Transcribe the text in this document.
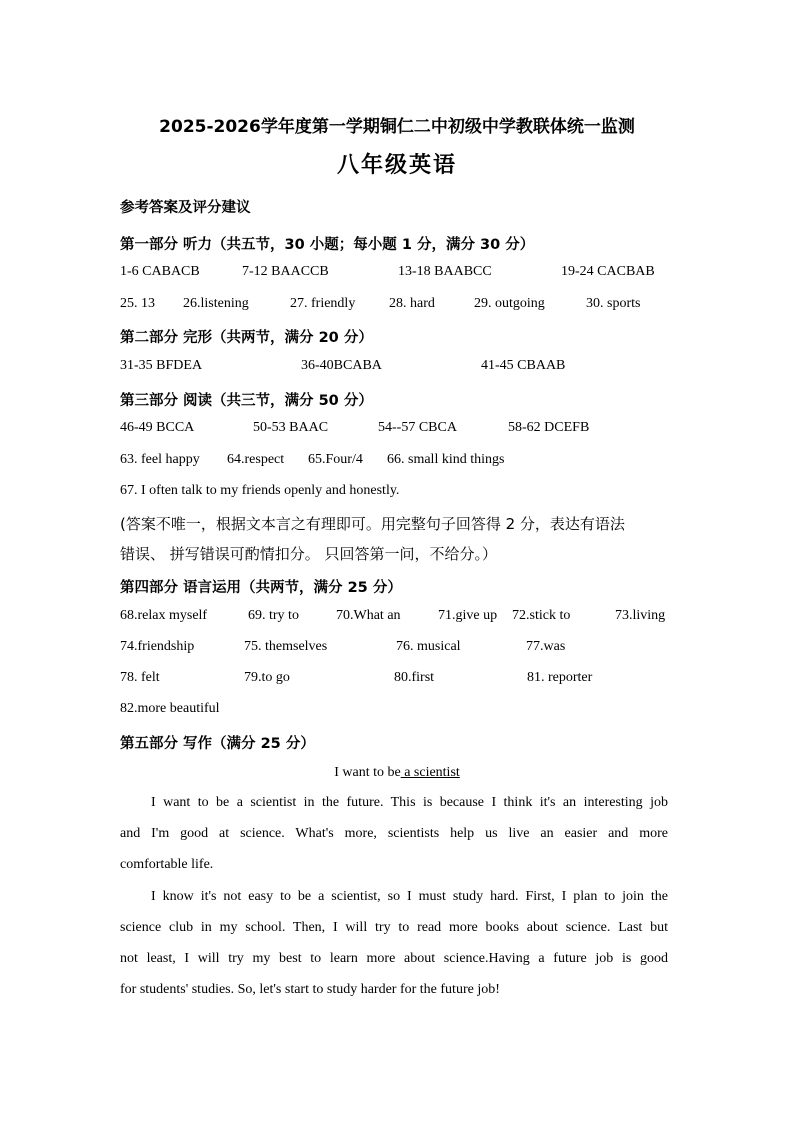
2025-2026学年度第一学期铜仁二中初级中学教联体统一监测
八年级英语
参考答案及评分建议
第一部分 听力（共五节，30 小题；每小题 1 分，满分 30 分）
1-6 CABACB	7-12 BAACCB	13-18 BAABCC	19-24 CACBAB
25. 13 26.listening	27. friendly 28. hard	29. outgoing	30. sports
第二部分 完形（共两节，满分 20 分）
31-35 BFDEA	36-40BCABA	41-45 CBAAB
第三部分 阅读（共三节，满分 50 分）
46-49 BCCA	50-53 BAAC	54--57 CBCA	58-62 DCEFB
63. feel happy 64.respect 65.Four/4 66. small kind things
67. I often talk to my friends openly and honestly.
(答案不唯一，根据文本言之有理即可。用完整句子回答得 2 分，表达有语法
错误、 拼写错误可酌情扣分。 只回答第一问，不给分。）
第四部分 语言运用（共两节，满分 25 分）
68.relax myself	69. try to	70.What an	71.give up 72.stick to	73.living
74.friendship	75. themselves	76. musical	77.was
78. felt	79.to go	80.first	81. reporter
82.more beautiful
第五部分 写作（满分 25 分）
I want to be a scientist
I want to be a scientist in the future. This is because I think it's an interesting job
and I'm good at science. What's more, scientists help us live an easier and more
comfortable life.
I know it's not easy to be a scientist, so I must study hard. First, I plan to join the
science club in my school. Then, I will try to read more books about science. Last but
not least, I will try my best to learn more about science.Having a future job is good
for students' studies. So, let's start to study harder for the future job!
